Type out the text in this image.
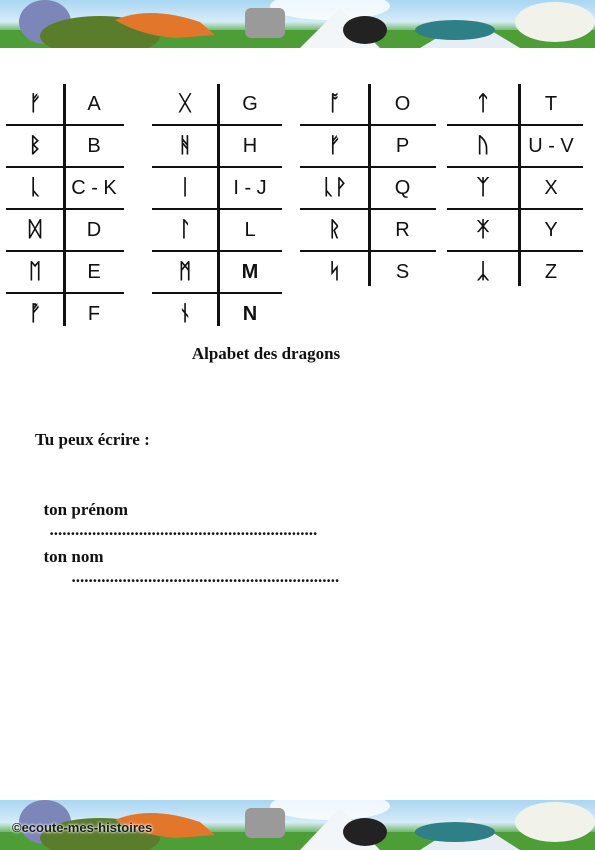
ᚠ	A
ᛒ	B
ᚳ	C - K
ᛞ	D
ᛖ	E
ᚡ	F
ᚷ	G
ᚻ	H
ᛁ	I - J
ᛚ	L
ᛗ	M
ᚾ	N
ᚩ	O
ᚠ	P
ᚳᚹ	Q
ᚱ	R
ᛋ	S
ᛏ	T
ᚢ	U - V
ᛉ	X
ᛡ	Y
ᛣ	Z
Alpabet des dragons
Tu peux écrire :

ton prénom
...............................................................

ton nom
...............................................................

©ecoute-mes-histoires
